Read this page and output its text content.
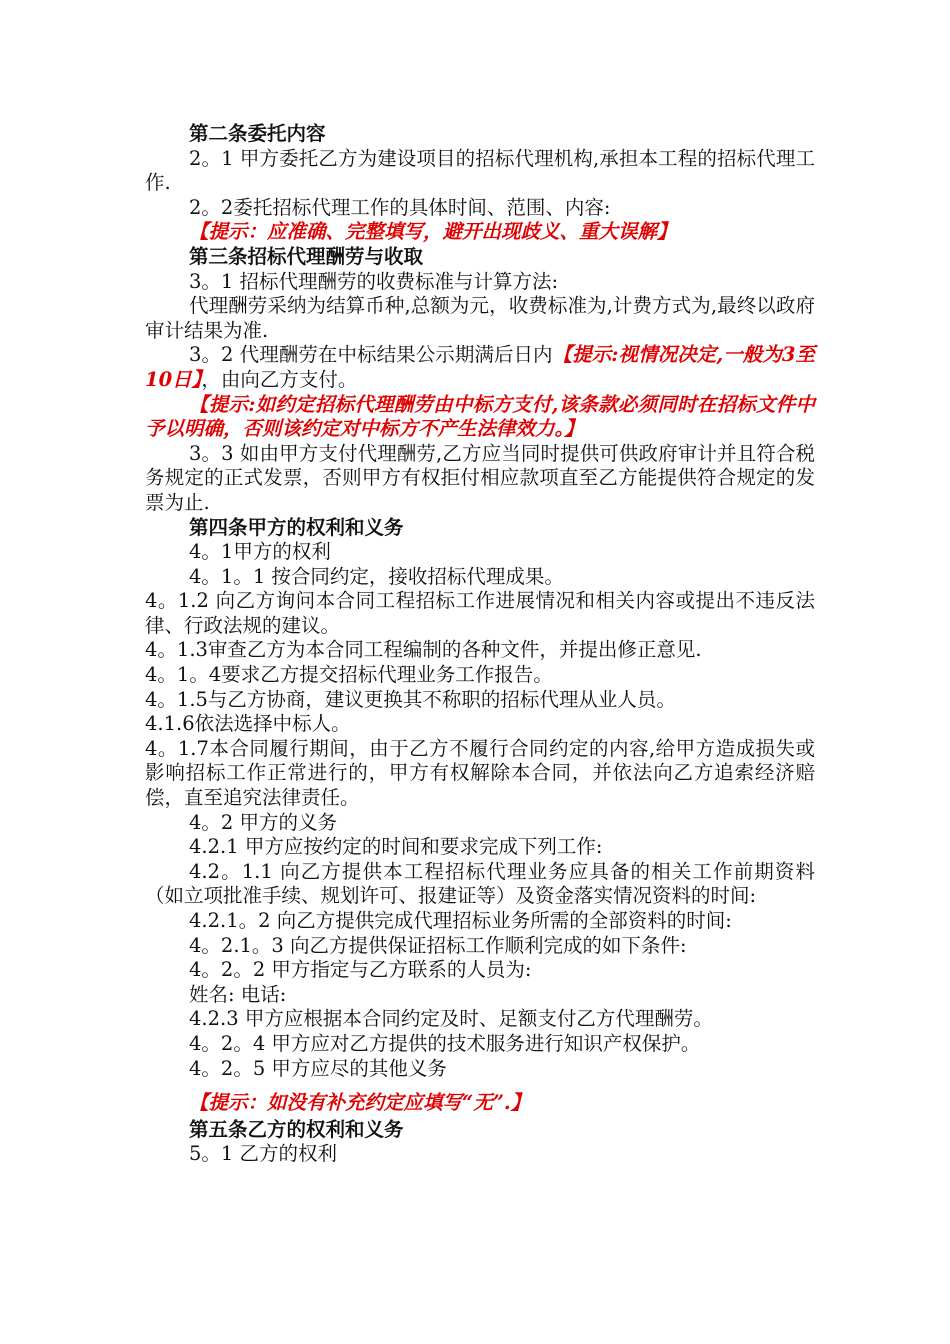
第二条委托内容

2。1 甲方委托乙方为建设项目的招标代理机构,承担本工程的招标代理工作.

2。2委托招标代理工作的具体时间、范围、内容:

【提示：应准确、完整填写，避开出现歧义、重大误解】

第三条招标代理酬劳与收取

3。1 招标代理酬劳的收费标准与计算方法:

代理酬劳采纳为结算币种,总额为元，收费标准为,计费方式为,最终以政府审计结果为准.

3。2 代理酬劳在中标结果公示期满后日内【提示:视情况决定,一般为3至10日】，由向乙方支付。

【提示:如约定招标代理酬劳由中标方支付,该条款必须同时在招标文件中予以明确，否则该约定对中标方不产生法律效力。】

3。3 如由甲方支付代理酬劳,乙方应当同时提供可供政府审计并且符合税务规定的正式发票，否则甲方有权拒付相应款项直至乙方能提供符合规定的发票为止.

第四条甲方的权利和义务

4。1甲方的权利

4。1。1 按合同约定，接收招标代理成果。

4。1.2 向乙方询问本合同工程招标工作进展情况和相关内容或提出不违反法律、行政法规的建议。

4。1.3审查乙方为本合同工程编制的各种文件，并提出修正意见.

4。1。4要求乙方提交招标代理业务工作报告。

4。1.5与乙方协商，建议更换其不称职的招标代理从业人员。

4.1.6依法选择中标人。

4。1.7本合同履行期间，由于乙方不履行合同约定的内容,给甲方造成损失或影响招标工作正常进行的，甲方有权解除本合同，并依法向乙方追索经济赔偿，直至追究法律责任。

4。2 甲方的义务

4.2.1 甲方应按约定的时间和要求完成下列工作:

4.2。1.1 向乙方提供本工程招标代理业务应具备的相关工作前期资料（如立项批准手续、规划许可、报建证等）及资金落实情况资料的时间:

4.2.1。2 向乙方提供完成代理招标业务所需的全部资料的时间:

4。2.1。3 向乙方提供保证招标工作顺利完成的如下条件:

4。2。2 甲方指定与乙方联系的人员为:

姓名: 电话:

4.2.3 甲方应根据本合同约定及时、足额支付乙方代理酬劳。

4。2。4 甲方应对乙方提供的技术服务进行知识产权保护。

4。2。5 甲方应尽的其他义务

【提示：如没有补充约定应填写“无”.】

第五条乙方的权利和义务

5。1 乙方的权利
